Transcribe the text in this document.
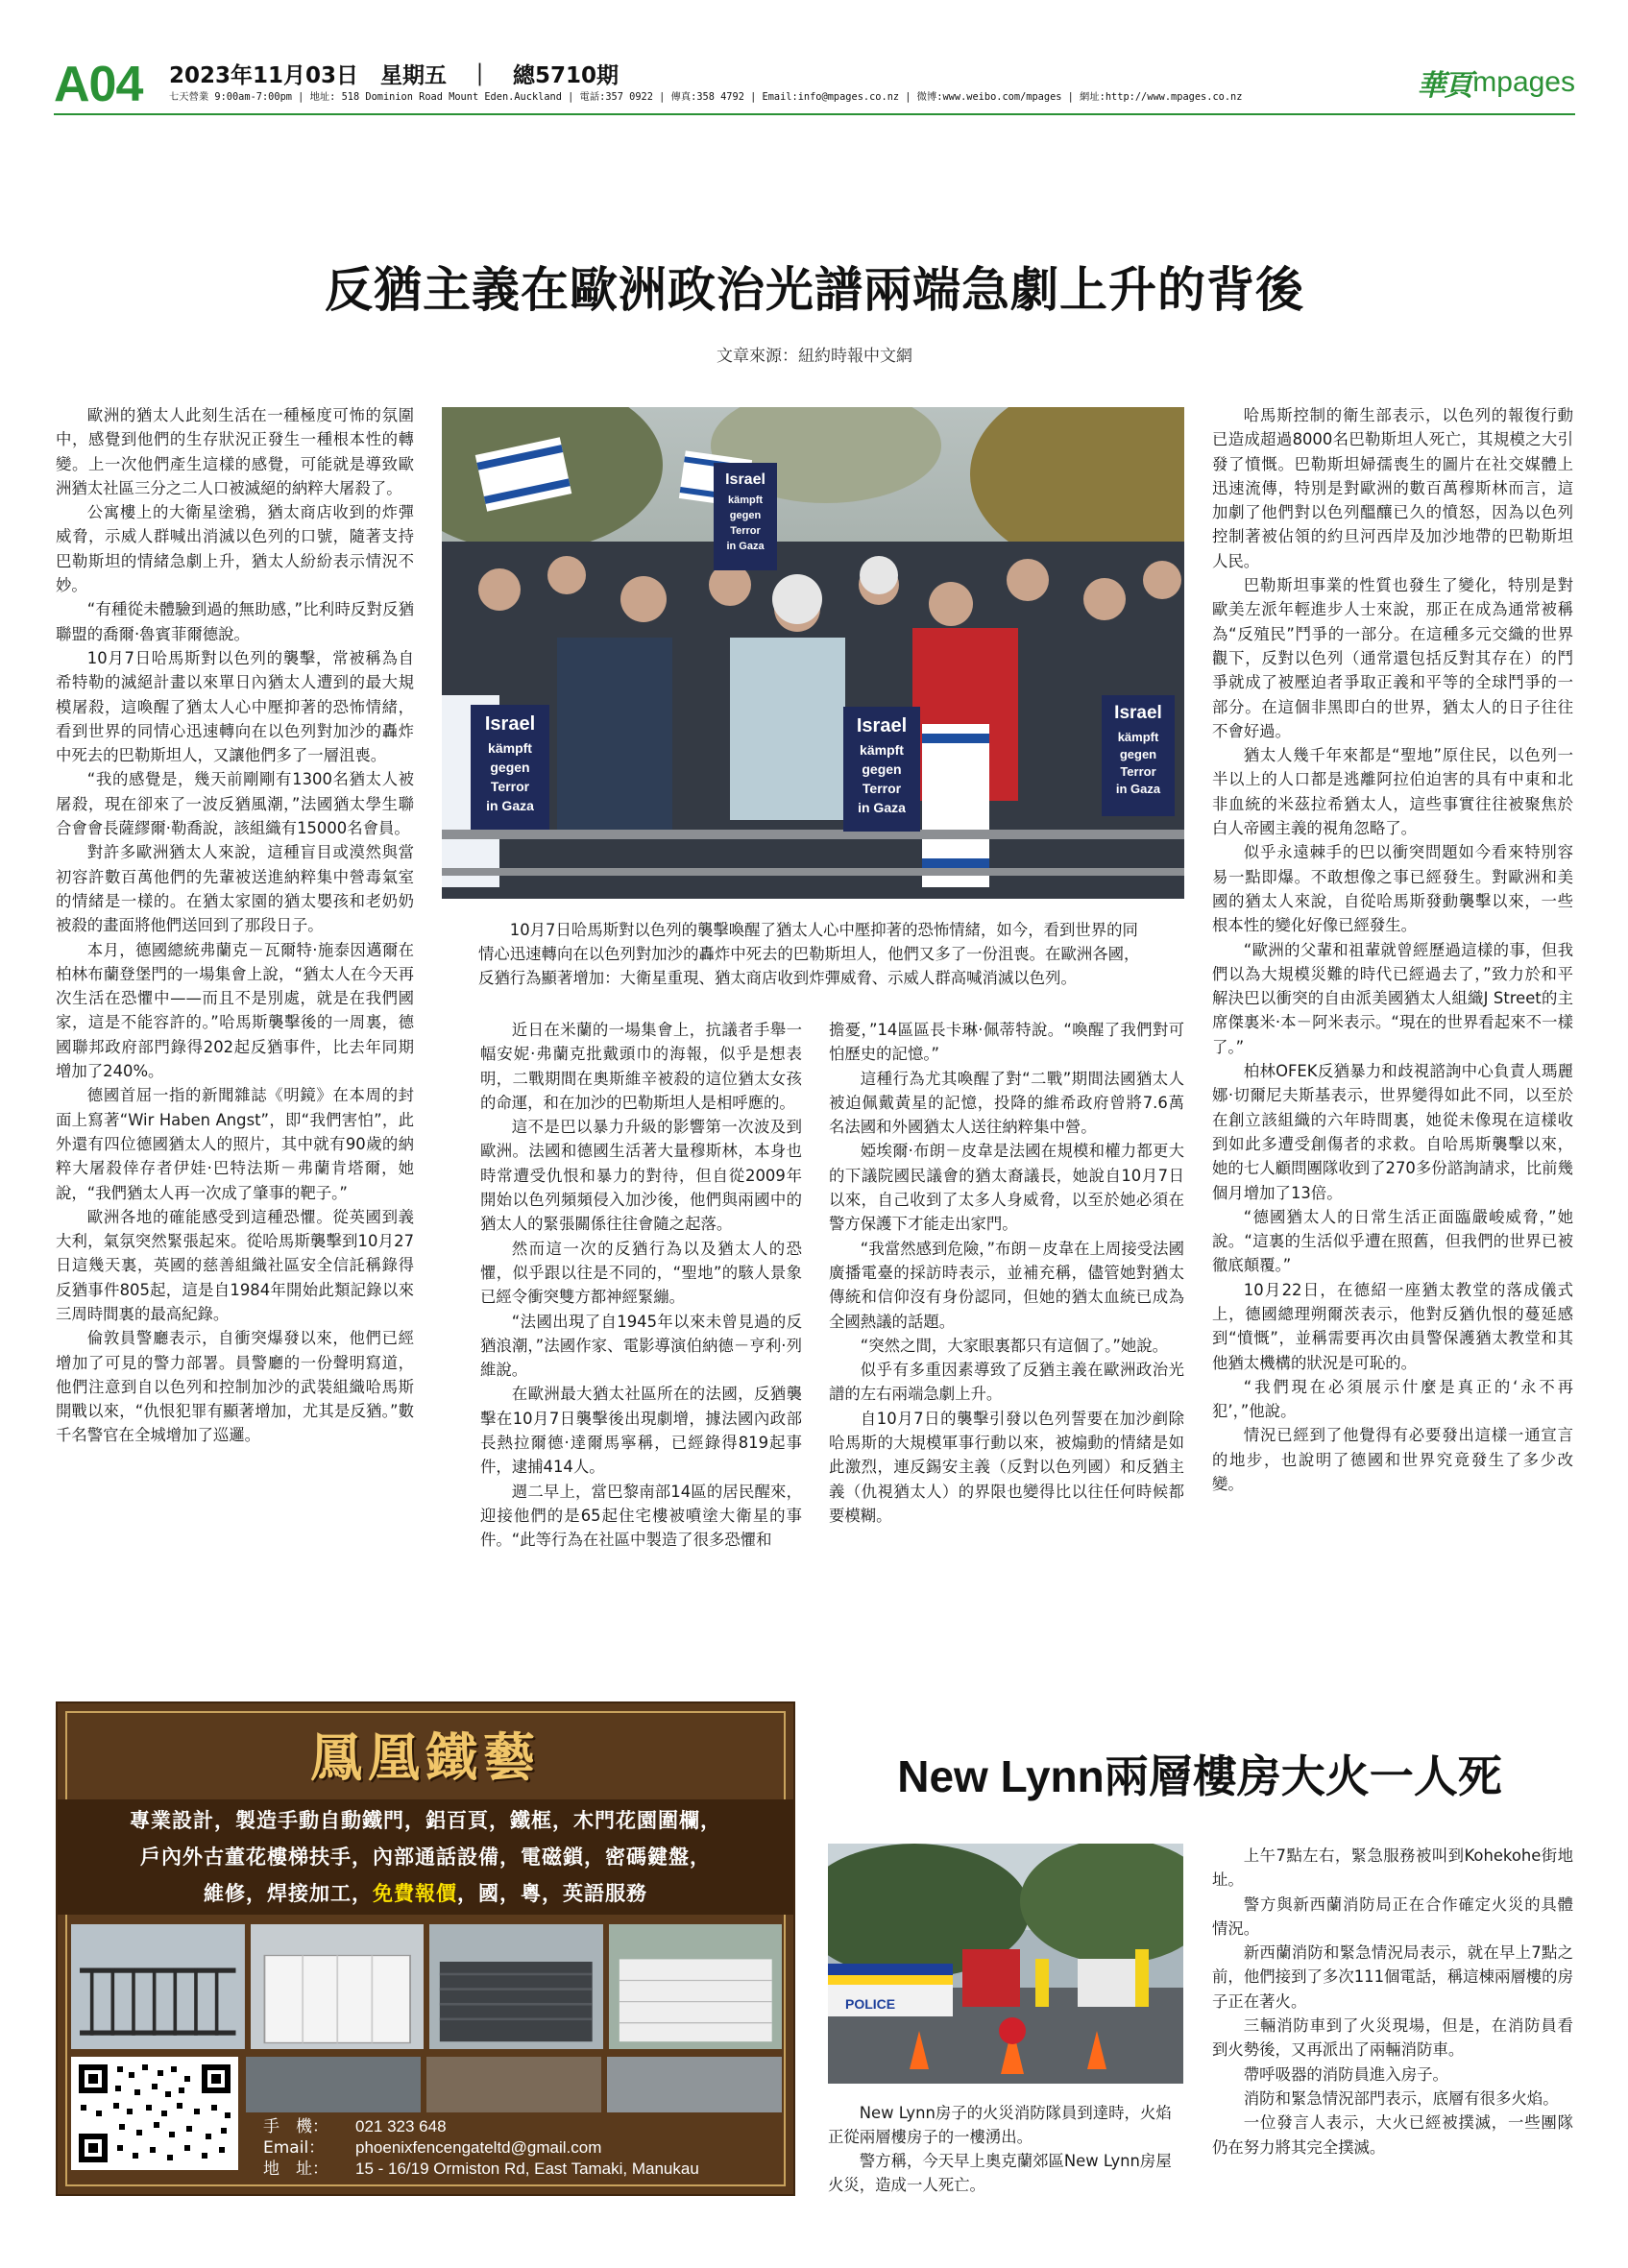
A04 2023年11月03日　星期五　｜　總5710期
七天營業 9:00am-7:00pm | 地址: 518 Dominion Road Mount Eden.Auckland | 電話:357 0922 | 傳真:358 4792 | Email:info@mpages.co.nz | 微博:www.weibo.com/mpages | 網址:http://www.mpages.co.nz	華頁 mpages
反猶主義在歐洲政治光譜兩端急劇上升的背後
文章來源：紐約時報中文網

歐洲的猶太人此刻生活在一種極度可怖的氛圍中，感覺到他們的生存狀況正發生一種根本性的轉變。上一次他們產生這樣的感覺，可能就是導致歐洲猶太社區三分之二人口被滅絕的納粹大屠殺了。

公寓樓上的大衛星塗鴉，猶太商店收到的炸彈威脅，示威人群喊出消滅以色列的口號，隨著支持巴勒斯坦的情緒急劇上升，猶太人紛紛表示情況不妙。

“有種從未體驗到過的無助感，”比利時反對反猶聯盟的喬爾·魯賓菲爾德說。

10月7日哈馬斯對以色列的襲擊，常被稱為自希特勒的滅絕計畫以來單日內猶太人遭到的最大規模屠殺，這喚醒了猶太人心中壓抑著的恐怖情緒，看到世界的同情心迅速轉向在以色列對加沙的轟炸中死去的巴勒斯坦人，又讓他們多了一層沮喪。

“我的感覺是，幾天前剛剛有1300名猶太人被屠殺，現在卻來了一波反猶風潮，”法國猶太學生聯合會會長薩繆爾·勒喬說，該組織有15000名會員。

對許多歐洲猶太人來說，這種盲目或漠然與當初容許數百萬他們的先輩被送進納粹集中營毒氣室的情緒是一樣的。在猶太家園的猶太嬰孩和老奶奶被殺的畫面將他們送回到了那段日子。

本月，德國總統弗蘭克－瓦爾特·施泰因邁爾在柏林布蘭登堡門的一場集會上說，“猶太人在今天再次生活在恐懼中——而且不是別處，就是在我們國家，這是不能容許的。”哈馬斯襲擊後的一周裏，德國聯邦政府部門錄得202起反猶事件，比去年同期增加了240%。

德國首屈一指的新聞雜誌《明鏡》在本周的封面上寫著“Wir Haben Angst”，即“我們害怕”，此外還有四位德國猶太人的照片，其中就有90歲的納粹大屠殺倖存者伊娃·巴特法斯－弗蘭肯塔爾，她說，“我們猶太人再一次成了肇事的靶子。”

歐洲各地的確能感受到這種恐懼。從英國到義大利，氣氛突然緊張起來。從哈馬斯襲擊到10月27日這幾天裏，英國的慈善組織社區安全信託稱錄得反猶事件805起，這是自1984年開始此類記錄以來三周時間裏的最高紀錄。

倫敦員警廳表示，自衝突爆發以來，他們已經增加了可見的警力部署。員警廳的一份聲明寫道，他們注意到自以色列和控制加沙的武裝組織哈馬斯開戰以來，“仇恨犯罪有顯著增加，尤其是反猶。”數千名警官在全城增加了巡邏。

Israel
kämpft
gegen
Terror
in Gaza
Israel
kämpft
gegen
Terror
in Gaza
Israel
kämpft
gegen
Terror
in Gaza
Israel
kämpft
gegen
Terror
in Gaza

10月7日哈馬斯對以色列的襲擊喚醒了猶太人心中壓抑著的恐怖情緒，如今，看到世界的同情心迅速轉向在以色列對加沙的轟炸中死去的巴勒斯坦人，他們又多了一份沮喪。在歐洲各國，反猶行為顯著增加：大衛星重現、猶太商店收到炸彈威脅、示威人群高喊消滅以色列。

近日在米蘭的一場集會上，抗議者手舉一幅安妮·弗蘭克批戴頭巾的海報，似乎是想表明，二戰期間在奧斯維辛被殺的這位猶太女孩的命運，和在加沙的巴勒斯坦人是相呼應的。

這不是巴以暴力升級的影響第一次波及到歐洲。法國和德國生活著大量穆斯林，本身也時常遭受仇恨和暴力的對待，但自從2009年開始以色列頻頻侵入加沙後，他們與兩國中的猶太人的緊張關係往往會隨之起落。

然而這一次的反猶行為以及猶太人的恐懼，似乎跟以往是不同的，“聖地”的駭人景象已經令衝突雙方都神經緊繃。

“法國出現了自1945年以來未曾見過的反猶浪潮，”法國作家、電影導演伯納德－亨利·列維說。

在歐洲最大猶太社區所在的法國，反猶襲擊在10月7日襲擊後出現劇增，據法國內政部長熱拉爾德·達爾馬寧稱，已經錄得819起事件，逮捕414人。

週二早上，當巴黎南部14區的居民醒來，迎接他們的是65起住宅樓被噴塗大衛星的事件。“此等行為在社區中製造了很多恐懼和

擔憂，”14區區長卡琳·佩蒂特說。“喚醒了我們對可怕歷史的記憶。”

這種行為尤其喚醒了對“二戰”期間法國猶太人被迫佩戴黃星的記憶，投降的維希政府曾將7.6萬名法國和外國猶太人送往納粹集中營。

婭埃爾·布朗－皮韋是法國在規模和權力都更大的下議院國民議會的猶太裔議長，她說自10月7日以來，自己收到了太多人身威脅，以至於她必須在警方保護下才能走出家門。

“我當然感到危險，”布朗－皮韋在上周接受法國廣播電臺的採訪時表示，並補充稱，儘管她對猶太傳統和信仰沒有身份認同，但她的猶太血統已成為全國熱議的話題。

“突然之間，大家眼裏都只有這個了。”她說。

似乎有多重因素導致了反猶主義在歐洲政治光譜的左右兩端急劇上升。

自10月7日的襲擊引發以色列誓要在加沙剷除哈馬斯的大規模軍事行動以來，被煽動的情緒是如此激烈，連反錫安主義（反對以色列國）和反猶主義（仇視猶太人）的界限也變得比以往任何時候都要模糊。

哈馬斯控制的衛生部表示，以色列的報復行動已造成超過8000名巴勒斯坦人死亡，其規模之大引發了憤慨。巴勒斯坦婦孺喪生的圖片在社交媒體上迅速流傳，特別是對歐洲的數百萬穆斯林而言，這加劇了他們對以色列醞釀已久的憤怒，因為以色列控制著被佔領的約旦河西岸及加沙地帶的巴勒斯坦人民。

巴勒斯坦事業的性質也發生了變化，特別是對歐美左派年輕進步人士來說，那正在成為通常被稱為“反殖民”鬥爭的一部分。在這種多元交織的世界觀下，反對以色列（通常還包括反對其存在）的鬥爭就成了被壓迫者爭取正義和平等的全球鬥爭的一部分。在這個非黑即白的世界，猶太人的日子往往不會好過。

猶太人幾千年來都是“聖地”原住民，以色列一半以上的人口都是逃離阿拉伯迫害的具有中東和北非血統的米茲拉希猶太人，這些事實往往被聚焦於白人帝國主義的視角忽略了。

似乎永遠棘手的巴以衝突問題如今看來特別容易一點即爆。不敢想像之事已經發生。對歐洲和美國的猶太人來說，自從哈馬斯發動襲擊以來，一些根本性的變化好像已經發生。

“歐洲的父輩和祖輩就曾經歷過這樣的事，但我們以為大規模災難的時代已經過去了，”致力於和平解決巴以衝突的自由派美國猶太人組織J Street的主席傑裏米·本－阿米表示。“現在的世界看起來不一樣了。”

柏林OFEK反猶暴力和歧視諮詢中心負責人瑪麗娜·切爾尼夫斯基表示，世界變得如此不同，以至於在創立該組織的六年時間裏，她從未像現在這樣收到如此多遭受創傷者的求救。自哈馬斯襲擊以來，她的七人顧問團隊收到了270多份諮詢請求，比前幾個月增加了13倍。

“德國猶太人的日常生活正面臨嚴峻威脅，”她說。“這裏的生活似乎遭在照舊，但我們的世界已被徹底顛覆。”

10月22日，在德紹一座猶太教堂的落成儀式上，德國總理朔爾茨表示，他對反猶仇恨的蔓延感到“憤慨”，並稱需要再次由員警保護猶太教堂和其他猶太機構的狀況是可恥的。

“我們現在必須展示什麼是真正的‘永不再犯’，”他說。

情況已經到了他覺得有必要發出這樣一通宣言的地步，也說明了德國和世界究竟發生了多少改變。

鳳凰鐵藝
專業設計，製造手動自動鐵門，鋁百頁，鐵框，木門花園圍欄，
戶內外古董花樓梯扶手，內部通話設備，電磁鎖，密碼鍵盤，
維修，焊接加工，免費報價，國，粵，英語服務
手　機： 021 323 648
Email： phoenixfencengateltd@gmail.com
地　址： 15 - 16/19 Ormiston Rd, East Tamaki, Manukau
New Lynn兩層樓房大火一人死
POLICE

New Lynn房子的火災消防隊員到達時，火焰正從兩層樓房子的一樓湧出。

警方稱，今天早上奧克蘭郊區New Lynn房屋火災，造成一人死亡。

上午7點左右，緊急服務被叫到Kohekohe街地址。

警方與新西蘭消防局正在合作確定火災的具體情況。

新西蘭消防和緊急情況局表示，就在早上7點之前，他們接到了多次111個電話，稱這棟兩層樓的房子正在著火。

三輛消防車到了火災現場，但是，在消防員看到火勢後，又再派出了兩輛消防車。

帶呼吸器的消防員進入房子。

消防和緊急情況部門表示，底層有很多火焰。

一位發言人表示，大火已經被撲滅，一些團隊仍在努力將其完全撲滅。
